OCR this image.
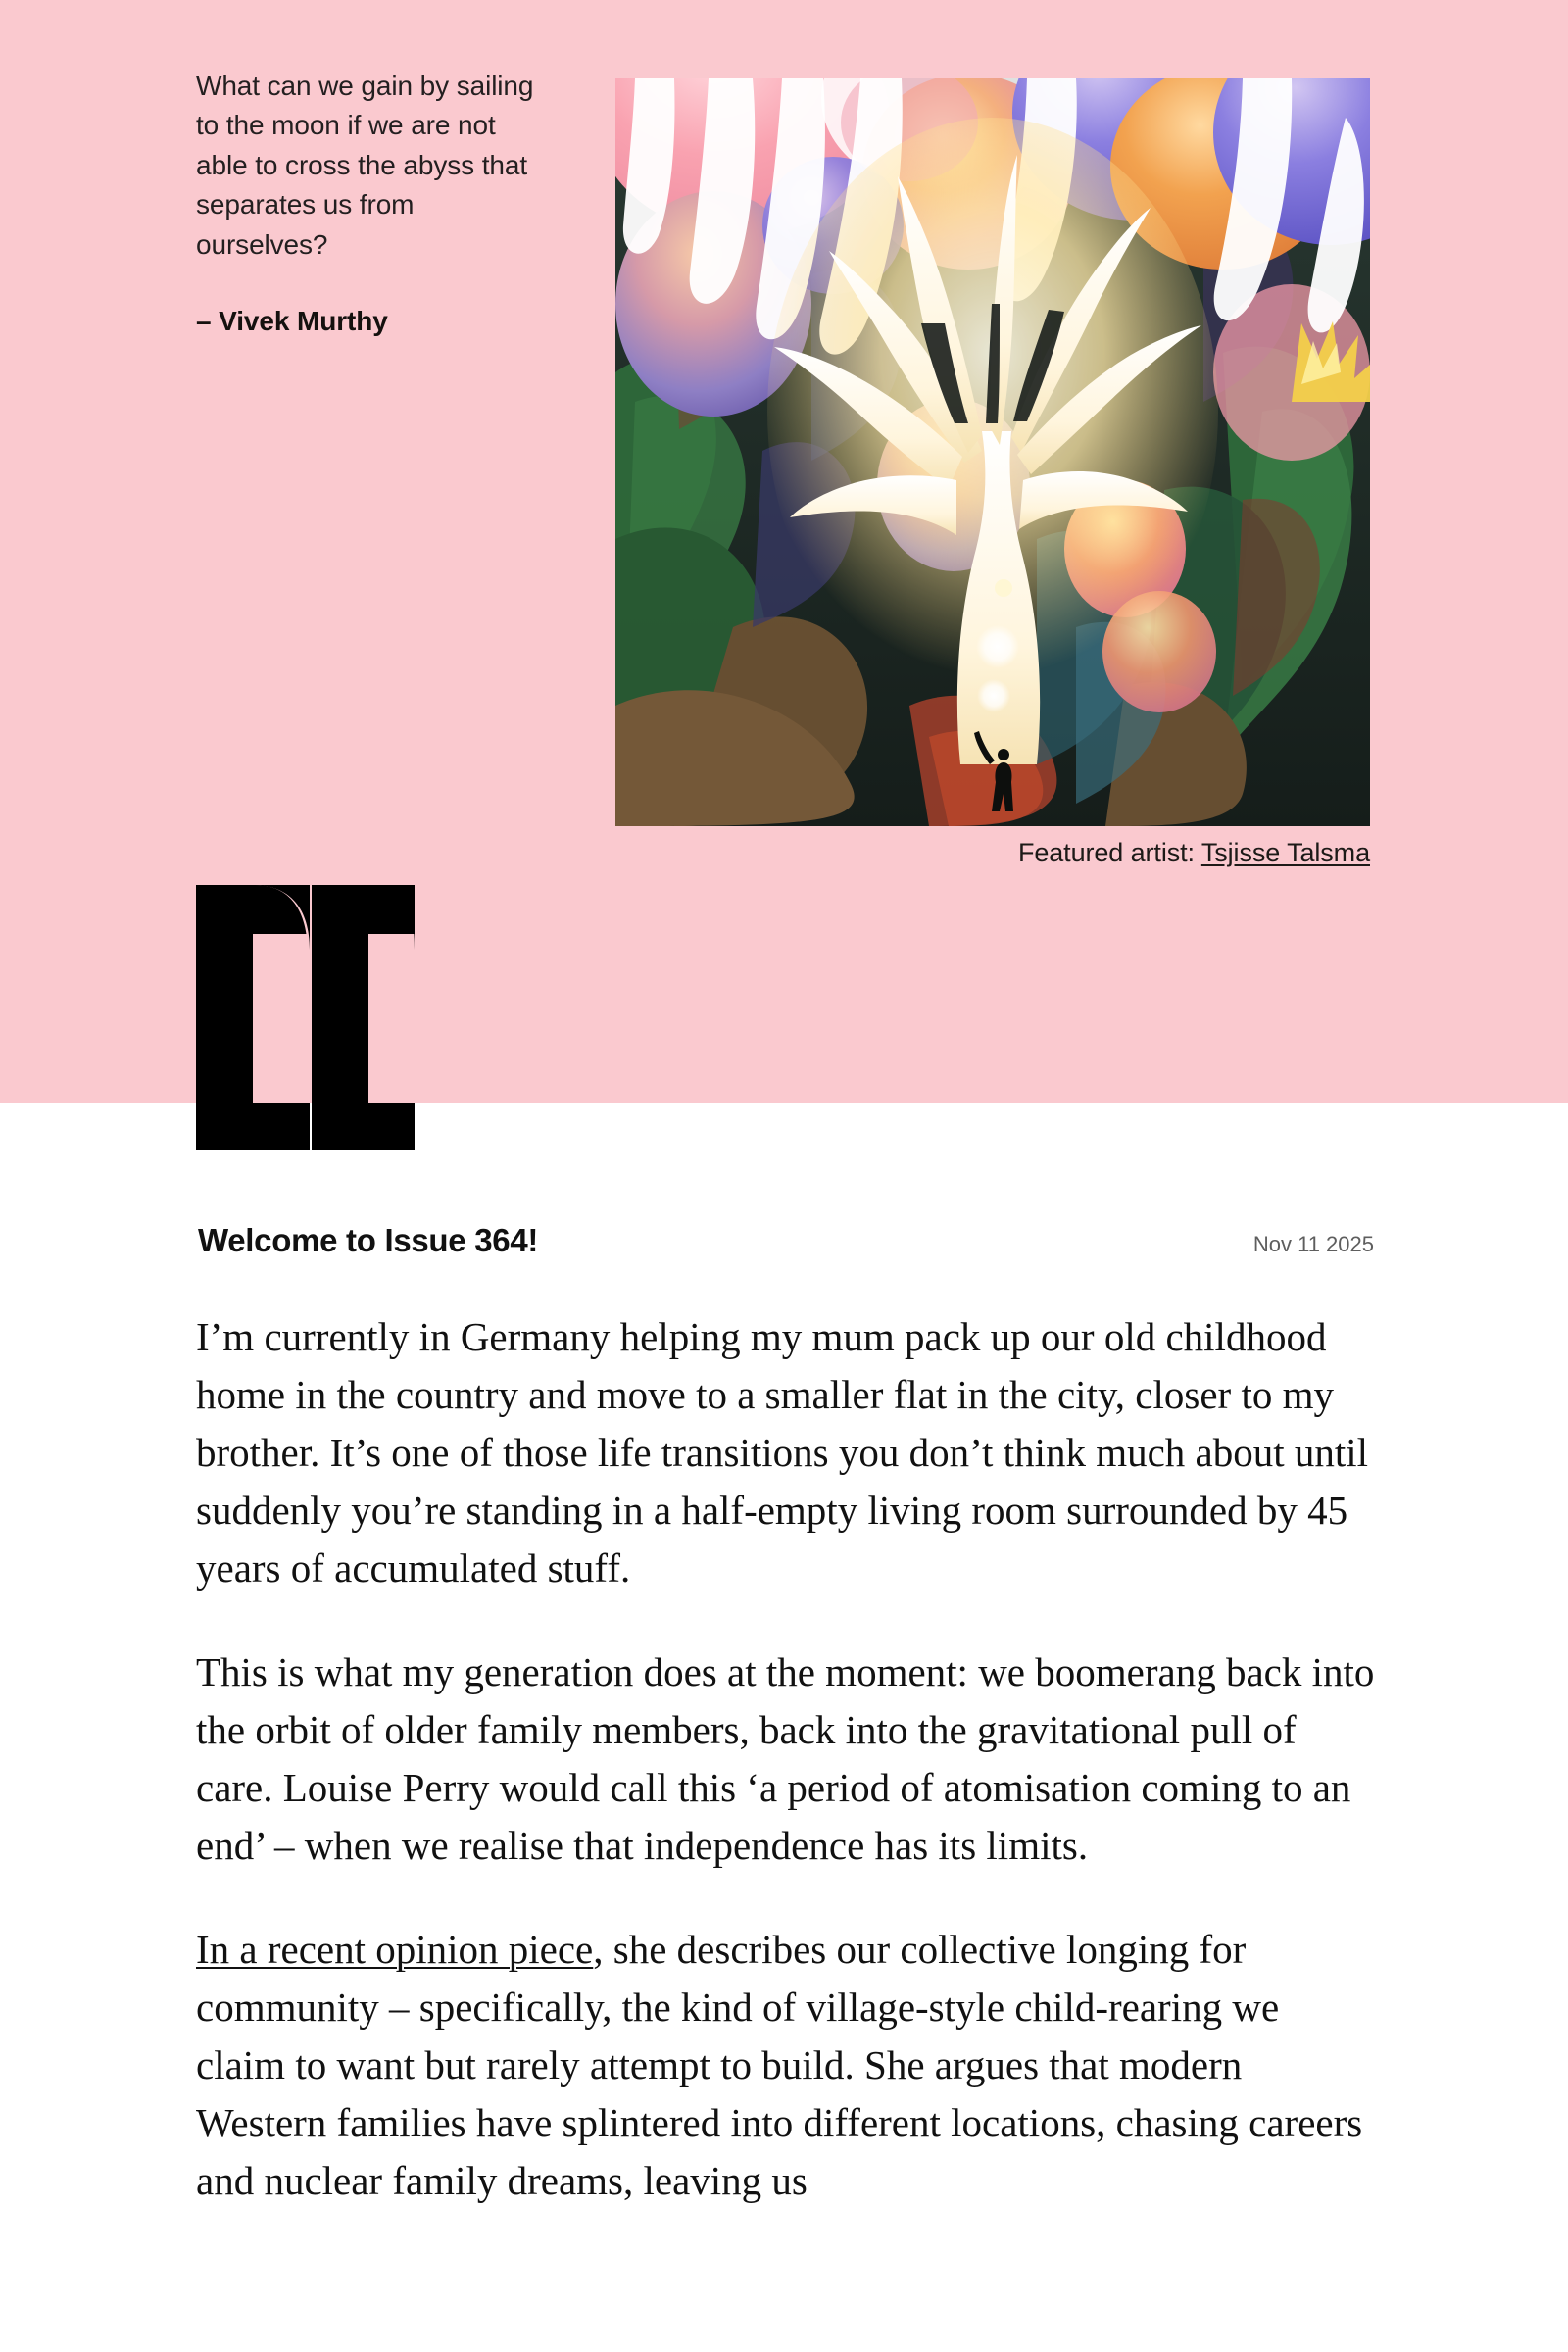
What can we gain by sailing to the moon if we are not able to cross the abyss that separates us from ourselves?

– Vivek Murthy

Featured artist: Tsjisse Talsma
Welcome to Issue 364!	Nov 11 2025

I’m currently in Germany helping my mum pack up our old childhood home in the country and move to a smaller flat in the city, closer to my brother. It’s one of those life transitions you don’t think much about until suddenly you’re standing in a half-empty living room surrounded by 45 years of accumulated stuff.

This is what my generation does at the moment: we boomerang back into the orbit of older family members, back into the gravitational pull of care. Louise Perry would call this ‘a period of atomisation coming to an end’ – when we realise that independence has its limits.

In a recent opinion piece, she describes our collective longing for community – specifically, the kind of village-style child-rearing we claim to want but rarely attempt to build. She argues that modern Western families have splintered into different locations, chasing careers and nuclear family dreams, leaving us
